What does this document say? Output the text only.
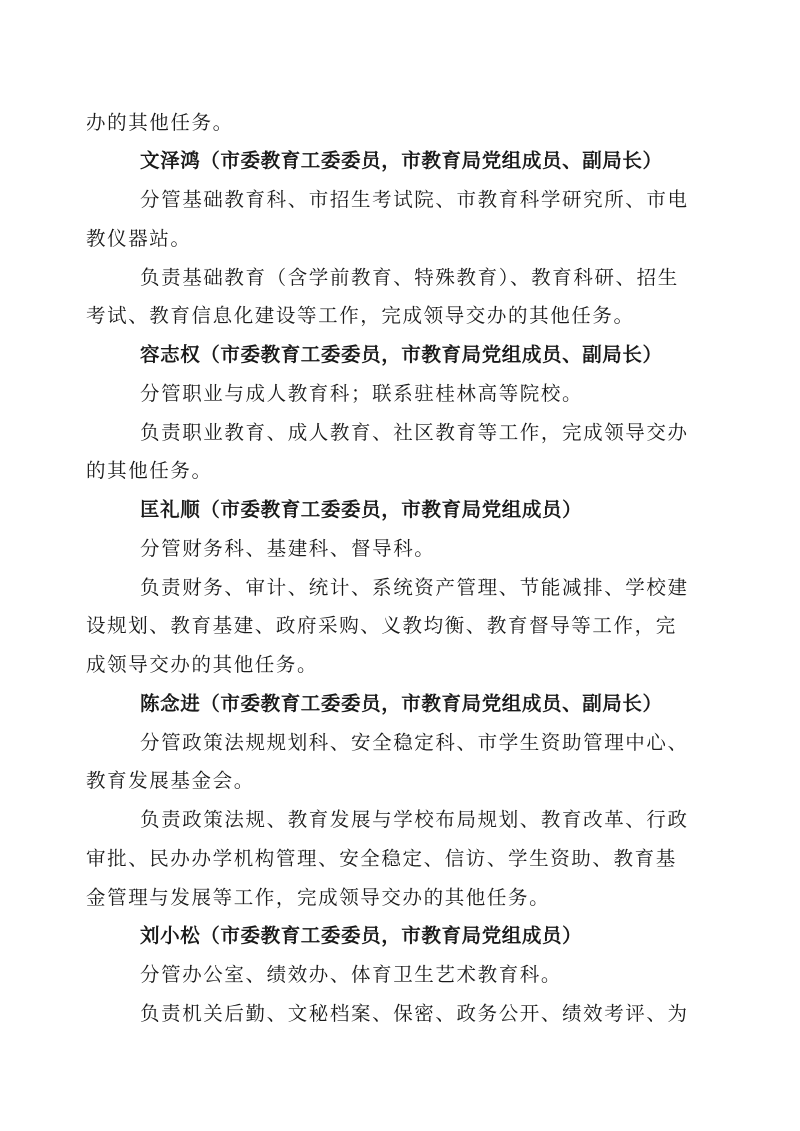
办的其他任务。
文泽鸿（市委教育工委委员，市教育局党组成员、副局长）
分管基础教育科、市招生考试院、市教育科学研究所、市电
教仪器站。
负责基础教育（含学前教育、特殊教育）、教育科研、招生
考试、教育信息化建设等工作，完成领导交办的其他任务。
容志权（市委教育工委委员，市教育局党组成员、副局长）
分管职业与成人教育科；联系驻桂林高等院校。
负责职业教育、成人教育、社区教育等工作，完成领导交办
的其他任务。
匡礼顺（市委教育工委委员，市教育局党组成员）
分管财务科、基建科、督导科。
负责财务、审计、统计、系统资产管理、节能减排、学校建
设规划、教育基建、政府采购、义教均衡、教育督导等工作，完
成领导交办的其他任务。
陈念进（市委教育工委委员，市教育局党组成员、副局长）
分管政策法规规划科、安全稳定科、市学生资助管理中心、
教育发展基金会。
负责政策法规、教育发展与学校布局规划、教育改革、行政
审批、民办办学机构管理、安全稳定、信访、学生资助、教育基
金管理与发展等工作，完成领导交办的其他任务。
刘小松（市委教育工委委员，市教育局党组成员）
分管办公室、绩效办、体育卫生艺术教育科。
负责机关后勤、文秘档案、保密、政务公开、绩效考评、为
